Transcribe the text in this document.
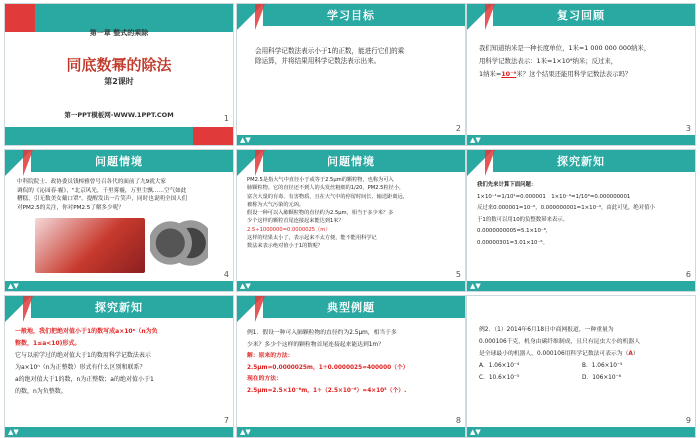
第一章 整式的乘除
同底数幂的除法
第2课时
第一PPT模板网-WWW.1PPT.COM	1
学习目标
会用科学记数法表示小于1的正数，能进行它们的乘
除运算，并将结果用科学记数法表示出来。
▲▼
2
复习回顾
我们知道纳米是一种长度单位，1米=1 000 000 000纳米，
用科学记数法表示：1米=1×10⁹纳米；反过来，
1纳米=10⁻⁹米？这个结果还能用科学记数法表示吗？
▲▼
3
问题情境
中科院院士、政协委员钱樟雅曾号召各代的面前了九9就大家
调侃的《沁园春·霾》，"北京风光，千里雾霾，万里尘飘……空气如此
糟糕，引无数美女戴口罩"。提醒发出一片笑声，同时也说明全国人们
对PM2.5的关注，你对PM2.5了解多少呢？
▲▼
4
问题情境
PM2.5是指大气中直径小于或等于2.5μm的颗粒物，也称为可入
肺颗粒物。它的直径还不到人的头发丝粗细的1/20，PM2.5粒径小，
富含大量的有毒、有害物质，且在大气中的停留时间长、输送距离远，
被称为大气污染的元凶。
假设一种可以入肺颗粒物的直径约为2.5μm，相当于多少米？多
少个这样的颗粒首尾连接起来能达到1米？
2.5÷1000000=0.0000025（m）
这样的结果太小了，表示起来不太方便，能不能用科学记
数法来表示绝对值小于1的数呢？
▲▼
5
探究新知
我们先来计算下面问题：
1×10⁻¹=1/10¹=0.000001　1×10⁻⁹=1/10⁹=0.000000001
反过来0.000001=10⁻⁶，0.000000001=1×10⁻⁹，由此可见，绝对值小
于1的数可以用10的负整数幂来表示。
0.0000000005=5.1×10⁻⁶，
0.00000301=3.01×10⁻⁶。
▲▼
6
探究新知
一般地，我们把绝对值小于1的数写成a×10ⁿ（n为负
整数，1≤a<10)形式。
它与以前学过的绝对值大于1的数用科学记数法表示
为a×10ⁿ（n为正整数）形式有什么区别和联系？
a的绝对值大于1的数，n为正整数；a的绝对值小于1
的数，n为负整数。
▲▼
7
典型例题
例1．假设一种可入肺颗粒物的直径约为2.5μm，相当于多
少米？多少个这样的颗粒物首尾连接起来能达到1m？
解：原来的方法：
2.5μm=0.0000025m，1÷0.0000025=400000（个）
现在的方法：
2.5μm=2.5×10⁻⁶m，1÷（2.5×10⁻⁶）=4×10⁵（个）.
▲▼
8
例2．（1）2014年6月18日中商网报道，一种重量为
0.000106千克，机身由碳纤维制成，且只有昆虫大小的机器人
是全球最小的机器人，0.000106用科学记数法可表示为（A）
A．1.06×10⁻⁴	B．1.06×10⁻⁵
C．10.6×10⁻⁵	D．106×10⁻⁶
▲▼
9
